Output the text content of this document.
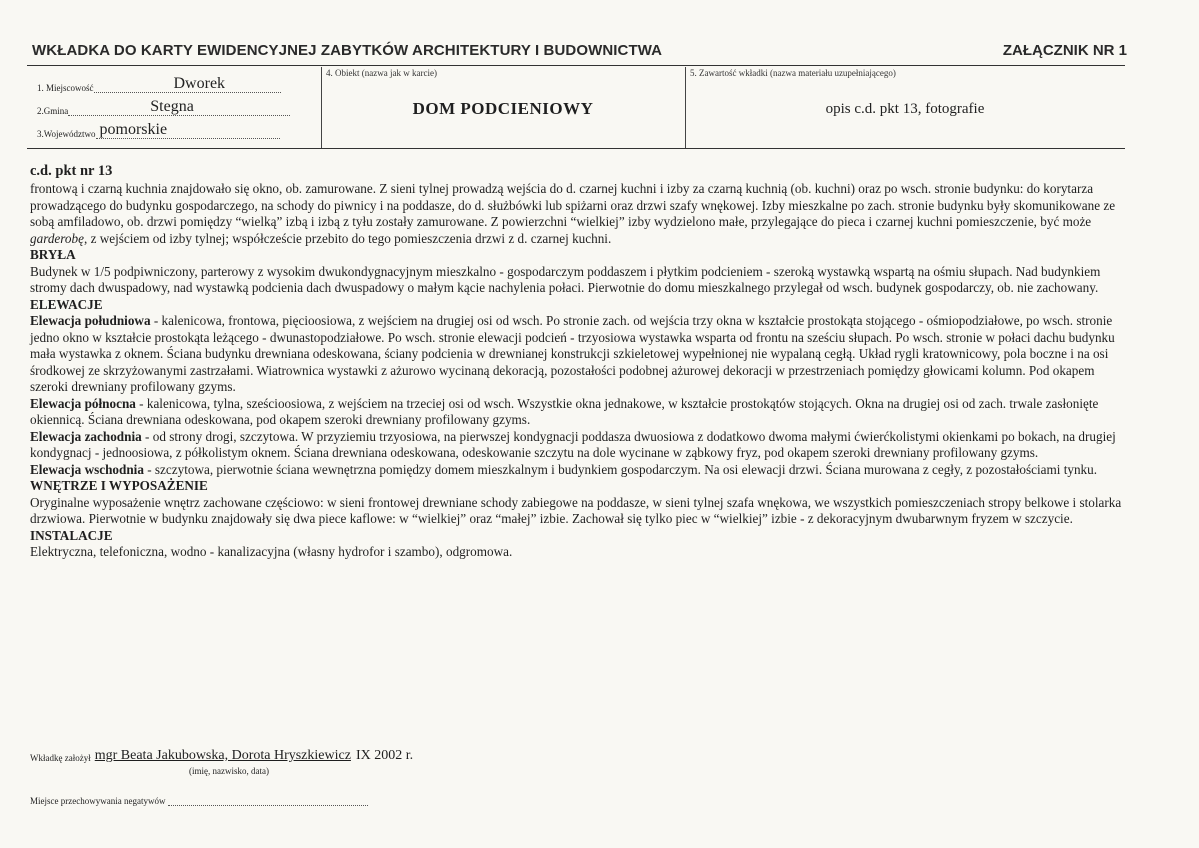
WKŁADKA DO KARTY EWIDENCYJNEJ ZABYTKÓW ARCHITEKTURY I BUDOWNICTWA	ZAŁĄCZNIK NR 1
1. Miejscowość	Dworek
2.Gmina	Stegna
3.Województwo pomorskie
4. Obiekt (nazwa jak w karcie)
DOM PODCIENIOWY
5. Zawartość wkładki (nazwa materiału uzupełniającego)
opis c.d. pkt 13, fotografie

c.d. pkt nr 13

frontową i czarną kuchnia znajdowało się okno, ob. zamurowane. Z sieni tylnej prowadzą wejścia do d. czarnej kuchni i izby za czarną kuchnią (ob. kuchni) oraz po wsch. stronie budynku: do korytarza prowadzącego do budynku gospodarczego, na schody do piwnicy i na poddasze, do d. służbówki lub spiżarni oraz drzwi szafy wnękowej. Izby mieszkalne po zach. stronie budynku były skomunikowane ze sobą amfiladowo, ob. drzwi pomiędzy “wielką” izbą i izbą z tyłu zostały zamurowane. Z powierzchni “wielkiej” izby wydzielono małe, przylegające do pieca i czarnej kuchni pomieszczenie, być może garderobę, z wejściem od izby tylnej; współczeście przebito do tego pomieszczenia drzwi z d. czarnej kuchni.

BRYŁA

Budynek w 1/5 podpiwniczony, parterowy z wysokim dwukondygnacyjnym mieszkalno - gospodarczym poddaszem i płytkim podcieniem - szeroką wystawką wspartą na ośmiu słupach. Nad budynkiem stromy dach dwuspadowy, nad wystawką podcienia dach dwuspadowy o małym kącie nachylenia połaci. Pierwotnie do domu mieszkalnego przylegał od wsch. budynek gospodarczy, ob. nie zachowany.

ELEWACJE

Elewacja południowa - kalenicowa, frontowa, pięcioosiowa, z wejściem na drugiej osi od wsch. Po stronie zach. od wejścia trzy okna w kształcie prostokąta stojącego - ośmiopodziałowe, po wsch. stronie jedno okno w kształcie prostokąta leżącego - dwunastopodziałowe. Po wsch. stronie elewacji podcień - trzyosiowa wystawka wsparta od frontu na sześciu słupach. Po wsch. stronie w połaci dachu budynku mała wystawka z oknem. Ściana budynku drewniana odeskowana, ściany podcienia w drewnianej konstrukcji szkieletowej wypełnionej nie wypalaną cegłą. Układ rygli kratownicowy, pola boczne i na osi środkowej ze skrzyżowanymi zastrzałami. Wiatrownica wystawki z ażurowo wycinaną dekoracją, pozostałości podobnej ażurowej dekoracji w przestrzeniach pomiędzy głowicami kolumn. Pod okapem szeroki drewniany profilowany gzyms.

Elewacja północna - kalenicowa, tylna, sześcioosiowa, z wejściem na trzeciej osi od wsch. Wszystkie okna jednakowe, w kształcie prostokątów stojących. Okna na drugiej osi od zach. trwale zasłonięte okiennicą. Ściana drewniana odeskowana, pod okapem szeroki drewniany profilowany gzyms.

Elewacja zachodnia - od strony drogi, szczytowa. W przyziemiu trzyosiowa, na pierwszej kondygnacji poddasza dwuosiowa z dodatkowo dwoma małymi ćwierćkolistymi okienkami po bokach, na drugiej kondygnacj - jednoosiowa, z półkolistym oknem. Ściana drewniana odeskowana, odeskowanie szczytu na dole wycinane w ząbkowy fryz, pod okapem szeroki drewniany profilowany gzyms.

Elewacja wschodnia - szczytowa, pierwotnie ściana wewnętrzna pomiędzy domem mieszkalnym i budynkiem gospodarczym. Na osi elewacji drzwi. Ściana murowana z cegły, z pozostałościami tynku.

WNĘTRZE I WYPOSAŻENIE

Oryginalne wyposażenie wnętrz zachowane częściowo: w sieni frontowej drewniane schody zabiegowe na poddasze, w sieni tylnej szafa wnękowa, we wszystkich pomieszczeniach stropy belkowe i stolarka drzwiowa. Pierwotnie w budynku znajdowały się dwa piece kaflowe: w “wielkiej” oraz “małej” izbie. Zachował się tylko piec w “wielkiej” izbie - z dekoracyjnym dwubarwnym fryzem w szczycie.

INSTALACJE

Elektryczna, telefoniczna, wodno - kanalizacyjna (własny hydrofor i szambo), odgromowa.

Wkładkę założył mgr Beata Jakubowska, Dorota Hryszkiewicz IX 2002 r.
(imię, nazwisko, data)
Miejsce przechowywania negatywów
